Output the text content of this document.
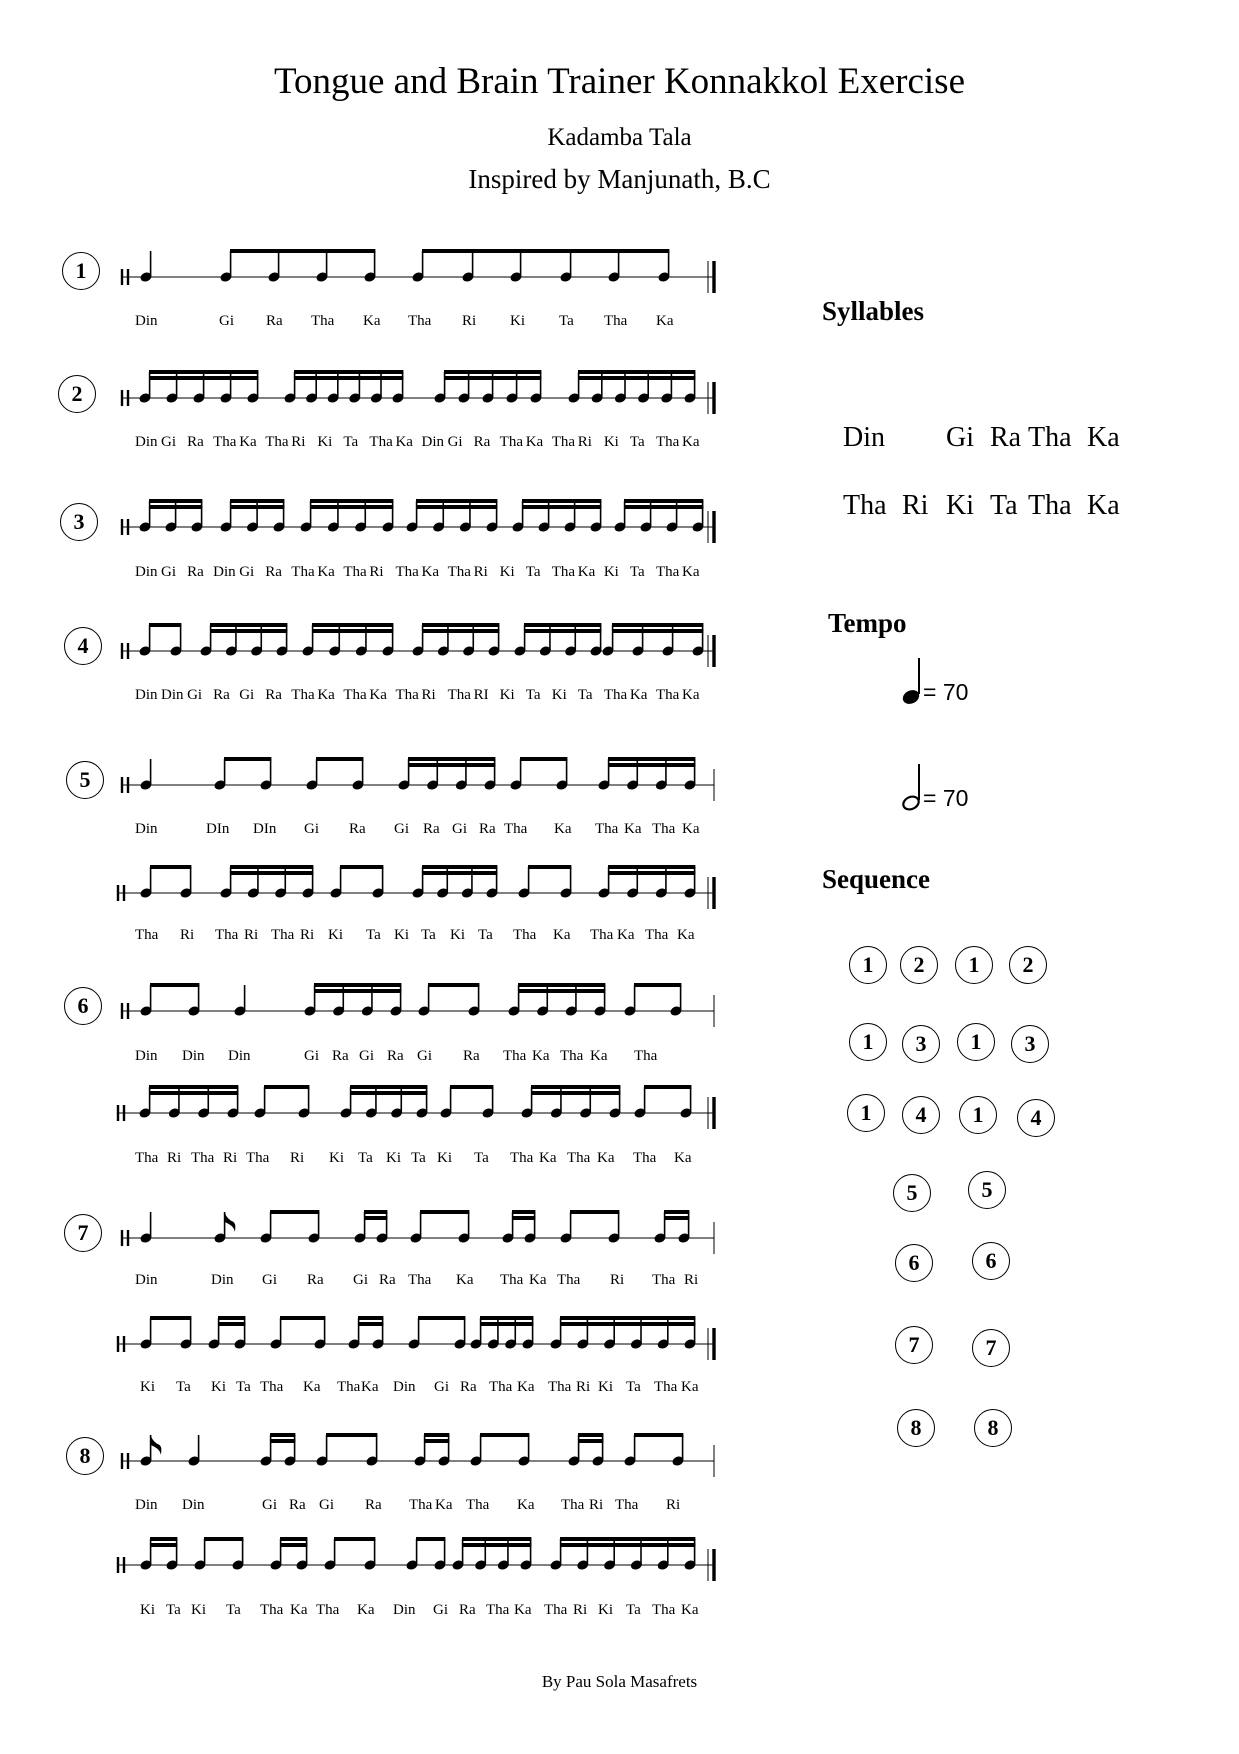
Tongue and Brain Trainer Konnakkol Exercise
Kadamba Tala
Inspired by Manjunath, B.C
1
Din	Gi Ra Tha Ka Tha Ri Ki Ta Tha Ka
2
Din Gi Ra Tha Ka Tha Ri Ki Ta Tha Ka Din Gi Ra Tha Ka Tha Ri Ki Ta Tha Ka
3
Din Gi Ra Din Gi Ra Tha Ka Tha Ri Tha Ka Tha Ri Ki Ta Tha Ka Ki Ta Tha Ka
4
Din Din Gi Ra Gi Ra Tha Ka Tha Ka Tha Ri Tha RI Ki Ta Ki Ta Tha Ka Tha Ka
5
Din	DIn DIn Gi Ra Gi Ra Gi Ra Tha Ka Tha Ka Tha Ka
Tha Ri Tha Ri Tha Ri Ki Ta Ki Ta Ki Ta Tha Ka Tha Ka Tha Ka
6
Din Din Din	Gi Ra Gi Ra Gi Ra Tha Ka Tha Ka Tha
Tha Ri Tha Ri Tha Ri Ki Ta Ki Ta Ki Ta Tha Ka Tha Ka Tha Ka
7
Din	Din Gi Ra Gi Ra Tha Ka Tha Ka Tha Ri Tha Ri
Ki Ta Ki Ta Tha Ka Tha Ka Din Gi Ra Tha Ka Tha Ri Ki Ta Tha Ka
8
Din Din	Gi Ra Gi Ra Tha Ka Tha Ka Tha Ri Tha Ri
Ki Ta Ki Ta Tha Ka Tha Ka Din Gi Ra Tha Ka Tha Ri Ki Ta Tha Ka
Syllables
Din Gi Ra Tha Ka
Tha Ri Ki Ta Tha Ka
Tempo
= 70
= 70
Sequence
1	2	1	2
1	3	1	3
1	4	1	4
5	5
6	6
7	7
8	8
By Pau Sola Masafrets
